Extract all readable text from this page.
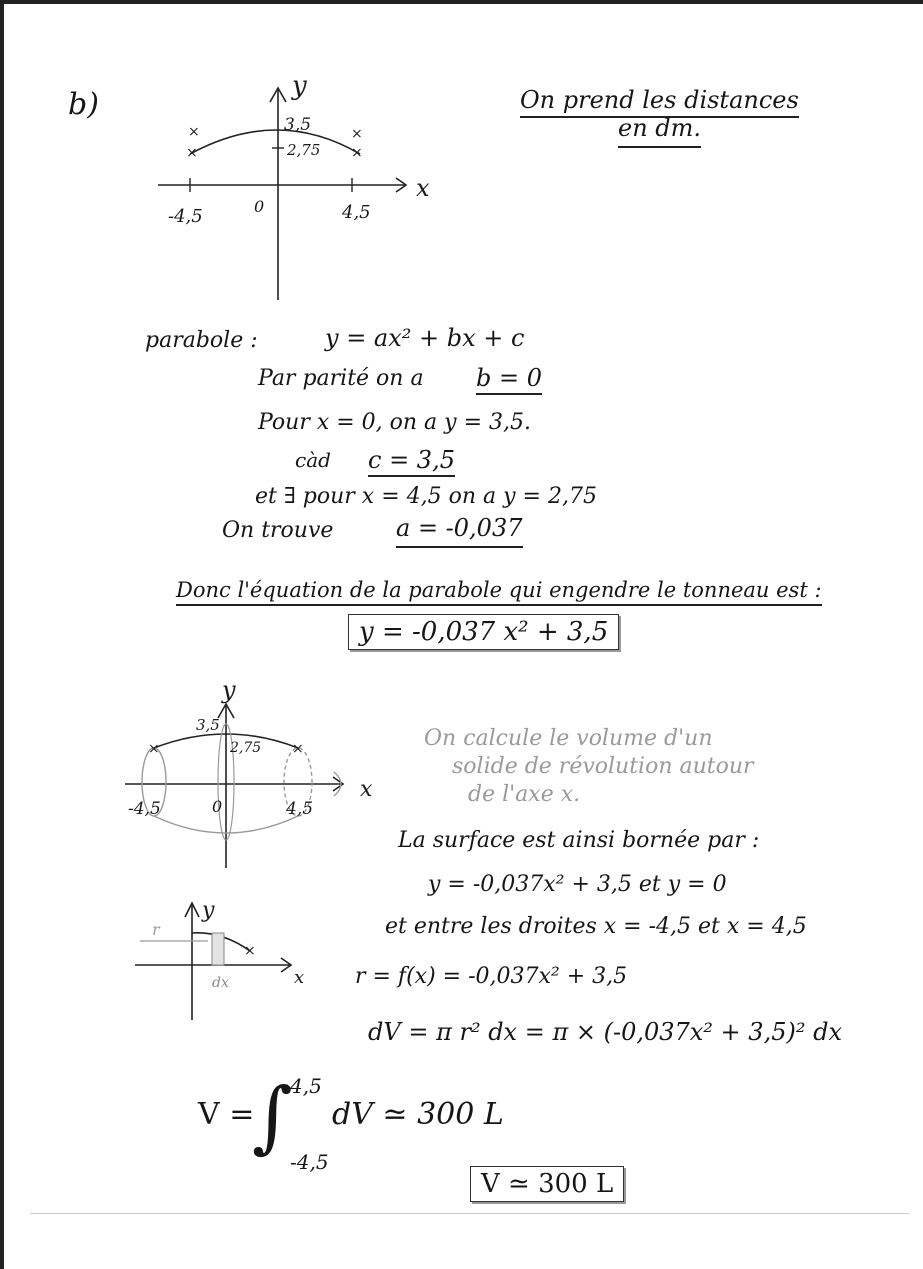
b)	On prend les distances
en dm.
×
×
×
×
y
x
3,5
2,75
0
-4,5	4,5
parabole :	y = ax² + bx + c
Par parité on a b = 0
Pour x = 0, on a y = 3,5.
càd c = 3,5
et ∃ pour x = 4,5 on a y = 2,75
On trouve	a = -0,037
Donc l'équation de la parabole qui engendre le tonneau est :
y = -0,037 x² + 3,5
×	×
y
x
3,5
2,75
0
-4,5	4,5
On calcule le volume d'un
solide de révolution autour
de l'axe x.
La surface est ainsi bornée par :
y = -0,037x² + 3,5 et y = 0
et entre les droites x = -4,5 et x = 4,5
×
y
x
r
dx	r = f(x) = -0,037x² + 3,5
dV = π r² dx = π × (-0,037x² + 3,5)² dx
V =
∫
4,5
-4,5
dV ≃ 300 L
V ≃ 300 L
